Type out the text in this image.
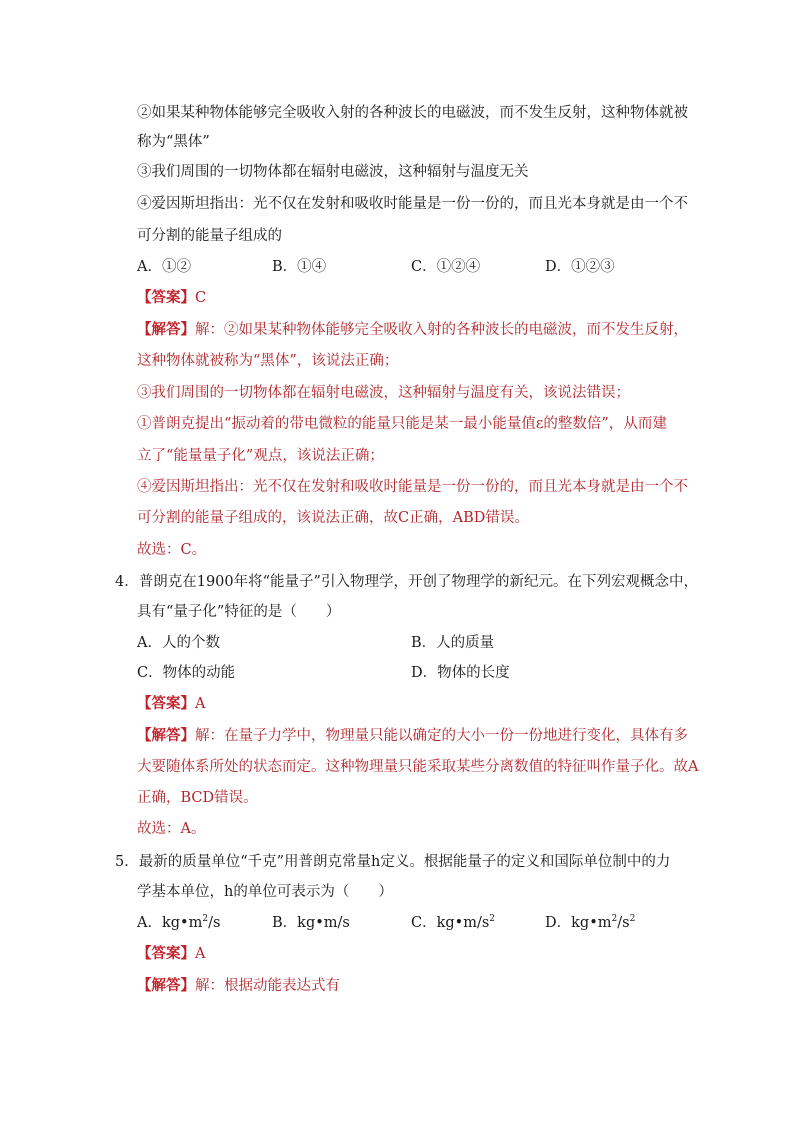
②如果某种物体能够完全吸收入射的各种波长的电磁波，而不发生反射，这种物体就被
称为“黑体”
③我们周围的一切物体都在辐射电磁波，这种辐射与温度无关
④爱因斯坦指出：光不仅在发射和吸收时能量是一份一份的，而且光本身就是由一个不
可分割的能量子组成的
A．①②	B．①④	C．①②④	D．①②③
【答案】C
【解答】解：②如果某种物体能够完全吸收入射的各种波长的电磁波，而不发生反射，
这种物体就被称为“黑体”，该说法正确；
③我们周围的一切物体都在辐射电磁波，这种辐射与温度有关，该说法错误；
①普朗克提出“振动着的带电微粒的能量只能是某一最小能量值ε的整数倍”，从而建
立了“能量量子化”观点，该说法正确；
④爱因斯坦指出：光不仅在发射和吸收时能量是一份一份的，而且光本身就是由一个不
可分割的能量子组成的，该说法正确，故C正确，ABD错误。
故选：C。
4．普朗克在1900年将“能量子”引入物理学，开创了物理学的新纪元。在下列宏观概念中，
具有“量子化”特征的是（　　）
A．人的个数	B．人的质量
C．物体的动能	D．物体的长度
【答案】A
【解答】解：在量子力学中，物理量只能以确定的大小一份一份地进行变化，具体有多
大要随体系所处的状态而定。这种物理量只能采取某些分离数值的特征叫作量子化。故A
正确，BCD错误。
故选：A。
5．最新的质量单位“千克”用普朗克常量h定义。根据能量子的定义和国际单位制中的力
学基本单位，h的单位可表示为（　　）
A．$kg•m^2/s$	B．kg•m/s	C．$kg•m/s^2$	D．$kg•m^2/s^2$
【答案】A
【解答】解：根据动能表达式有
